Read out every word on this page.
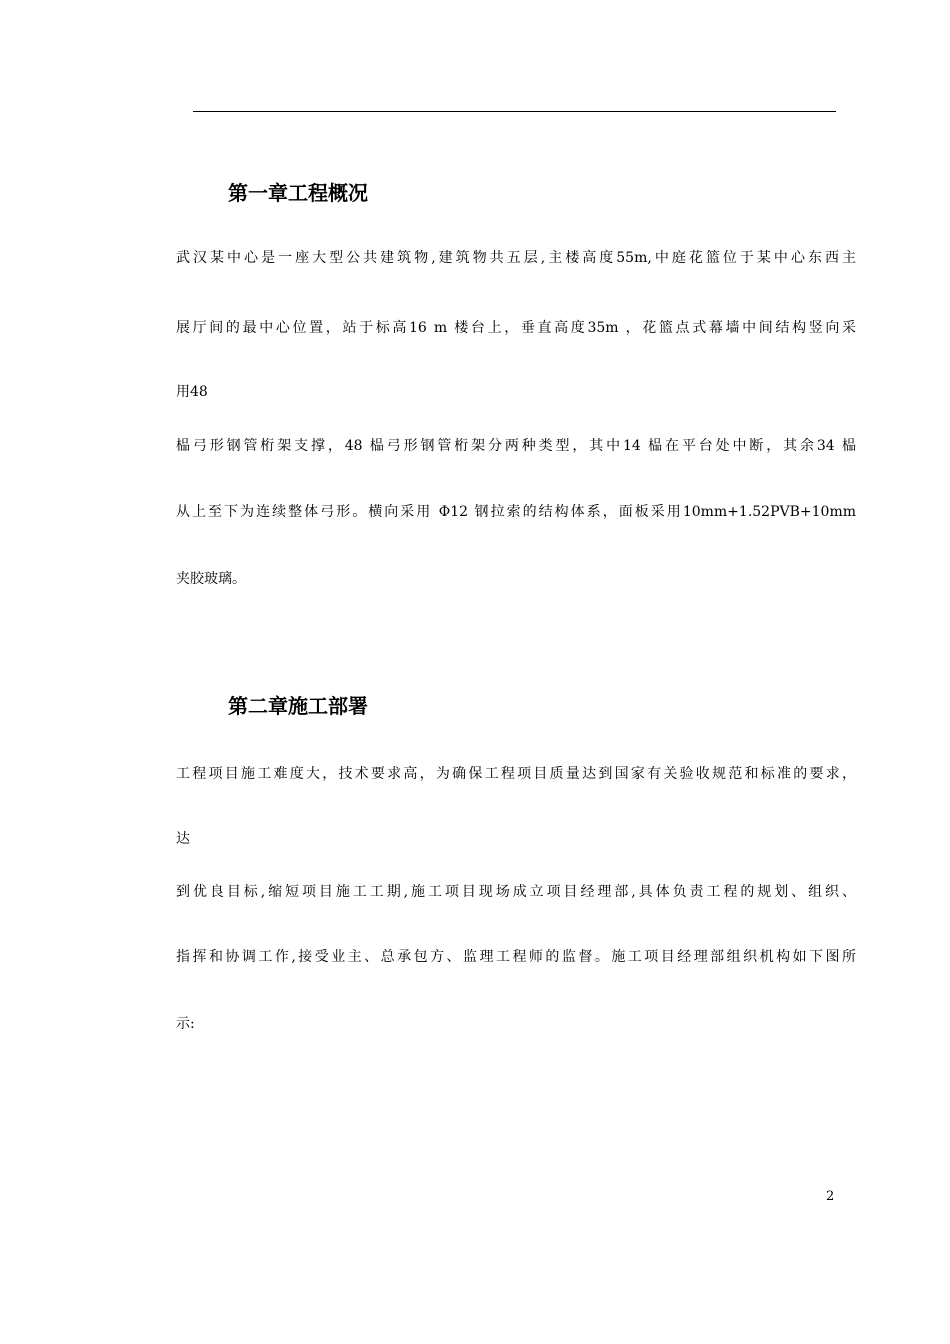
第一章工程概况
武汉某中心是一座大型公共建筑物,建筑物共五层,主楼高度55m,中庭花篮位于某中心东西主
展厅间的最中心位置，站于标高16 m 楼台上，垂直高度35m ，花篮点式幕墙中间结构竖向采
用48
榀弓形钢管桁架支撑，48 榀弓形钢管桁架分两种类型，其中14 榀在平台处中断，其余34 榀
从上至下为连续整体弓形。横向采用 Φ12 钢拉索的结构体系，面板采用10mm+1.52PVB+10mm
夹胶玻璃。
第二章施工部署
工程项目施工难度大，技术要求高，为确保工程项目质量达到国家有关验收规范和标准的要求，
达
到优良目标,缩短项目施工工期,施工项目现场成立项目经理部,具体负责工程的规划、组织、
指挥和协调工作,接受业主、总承包方、监理工程师的监督。施工项目经理部组织机构如下图所
示:
2
